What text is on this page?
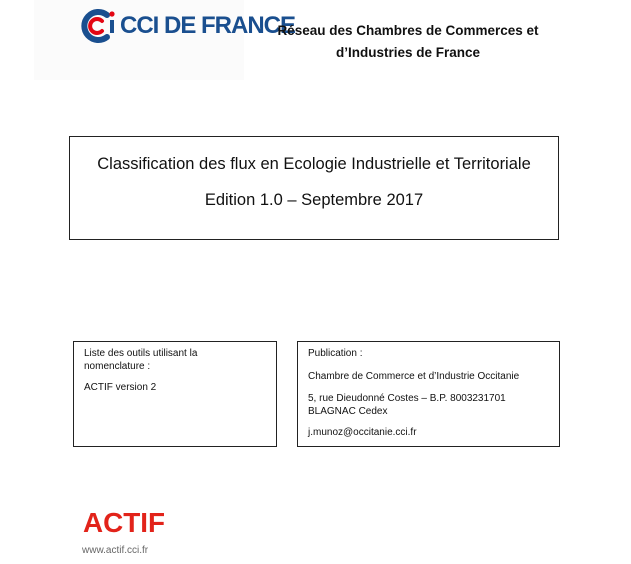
CCI DE FRANCE
Réseau des Chambres de Commerces et
d’Industries de France
Classification des flux en Ecologie Industrielle et Territoriale
Edition 1.0 – Septembre 2017

Liste des outils utilisant la

nomenclature :

ACTIF version 2

Publication :

Chambre de Commerce et d’Industrie Occitanie

5, rue Dieudonné Costes – B.P. 8003231701

BLAGNAC Cedex

j.munoz@occitanie.cci.fr

ACTIF
www.actif.cci.fr
